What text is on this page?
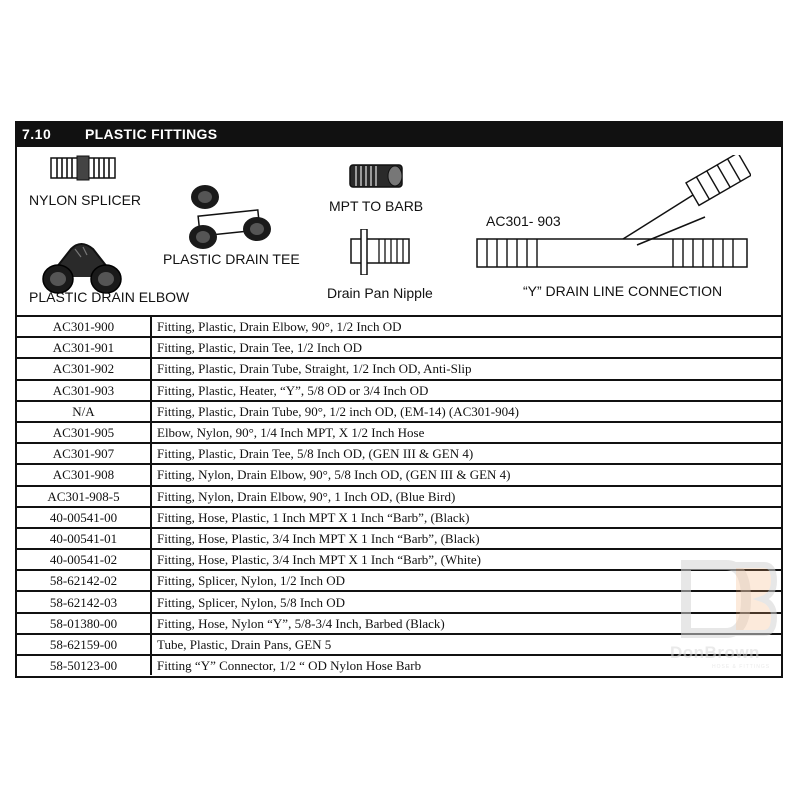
7.10 PLASTIC FITTINGS
NYLON SPLICER
PLASTIC DRAIN ELBOW
PLASTIC DRAIN TEE
MPT TO BARB
Drain Pan Nipple
AC301- 903
“Y” DRAIN LINE CONNECTION
AC301-900	Fitting, Plastic, Drain Elbow, 90°, 1/2 Inch OD
AC301-901	Fitting, Plastic, Drain Tee, 1/2 Inch OD
AC301-902	Fitting, Plastic, Drain Tube, Straight, 1/2 Inch OD, Anti-Slip
AC301-903	Fitting, Plastic, Heater, “Y”, 5/8 OD or 3/4 Inch OD
N/A	Fitting, Plastic, Drain Tube, 90°, 1/2 inch OD, (EM-14) (AC301-904)
AC301-905	Elbow, Nylon, 90°, 1/4 Inch MPT, X 1/2 Inch Hose
AC301-907	Fitting, Plastic, Drain Tee, 5/8 Inch OD, (GEN III & GEN 4)
AC301-908	Fitting, Nylon, Drain Elbow, 90°, 5/8 Inch OD, (GEN III & GEN 4)
AC301-908-5	Fitting, Nylon, Drain Elbow, 90°, 1 Inch OD, (Blue Bird)
40-00541-00	Fitting, Hose, Plastic, 1 Inch MPT X 1 Inch “Barb”, (Black)
40-00541-01	Fitting, Hose, Plastic, 3/4 Inch MPT X 1 Inch “Barb”, (Black)
40-00541-02	Fitting, Hose, Plastic, 3/4 Inch MPT X 1 Inch “Barb”, (White)
58-62142-02	Fitting, Splicer, Nylon, 1/2 Inch OD
58-62142-03	Fitting, Splicer, Nylon, 5/8 Inch OD
58-01380-00	Fitting, Hose, Nylon “Y”, 5/8-3/4 Inch, Barbed (Black)
58-62159-00	Tube, Plastic, Drain Pans, GEN 5
58-50123-00	Fitting “Y” Connector, 1/2 “ OD Nylon Hose Barb
DonBrown
HOSE & FITTINGS
